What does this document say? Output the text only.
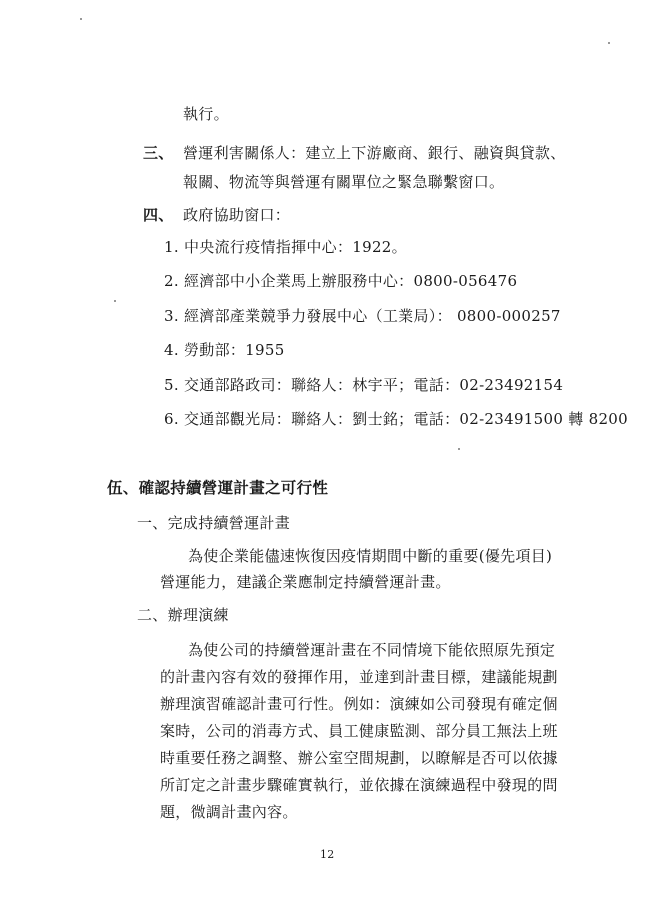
執行。
三、 營運利害關係人：建立上下游廠商、銀行、融資與貸款、
報關、物流等與營運有關單位之緊急聯繫窗口。
四、 政府協助窗口：
1. 中央流行疫情指揮中心：1922。
2. 經濟部中小企業馬上辦服務中心：0800-056476
3. 經濟部產業競爭力發展中心（工業局）： 0800-000257
4. 勞動部：1955
5. 交通部路政司：聯絡人：林宇平；電話：02-23492154
6. 交通部觀光局：聯絡人：劉士銘；電話：02-23491500 轉 8200
伍、確認持續營運計畫之可行性
一、完成持續營運計畫
為使企業能儘速恢復因疫情期間中斷的重要(優先項目)
營運能力，建議企業應制定持續營運計畫。
二、辦理演練
為使公司的持續營運計畫在不同情境下能依照原先預定
的計畫內容有效的發揮作用，並達到計畫目標，建議能規劃
辦理演習確認計畫可行性。例如：演練如公司發現有確定個
案時，公司的消毒方式、員工健康監測、部分員工無法上班
時重要任務之調整、辦公室空間規劃，以瞭解是否可以依據
所訂定之計畫步驟確實執行，並依據在演練過程中發現的問
題，微調計畫內容。
12
